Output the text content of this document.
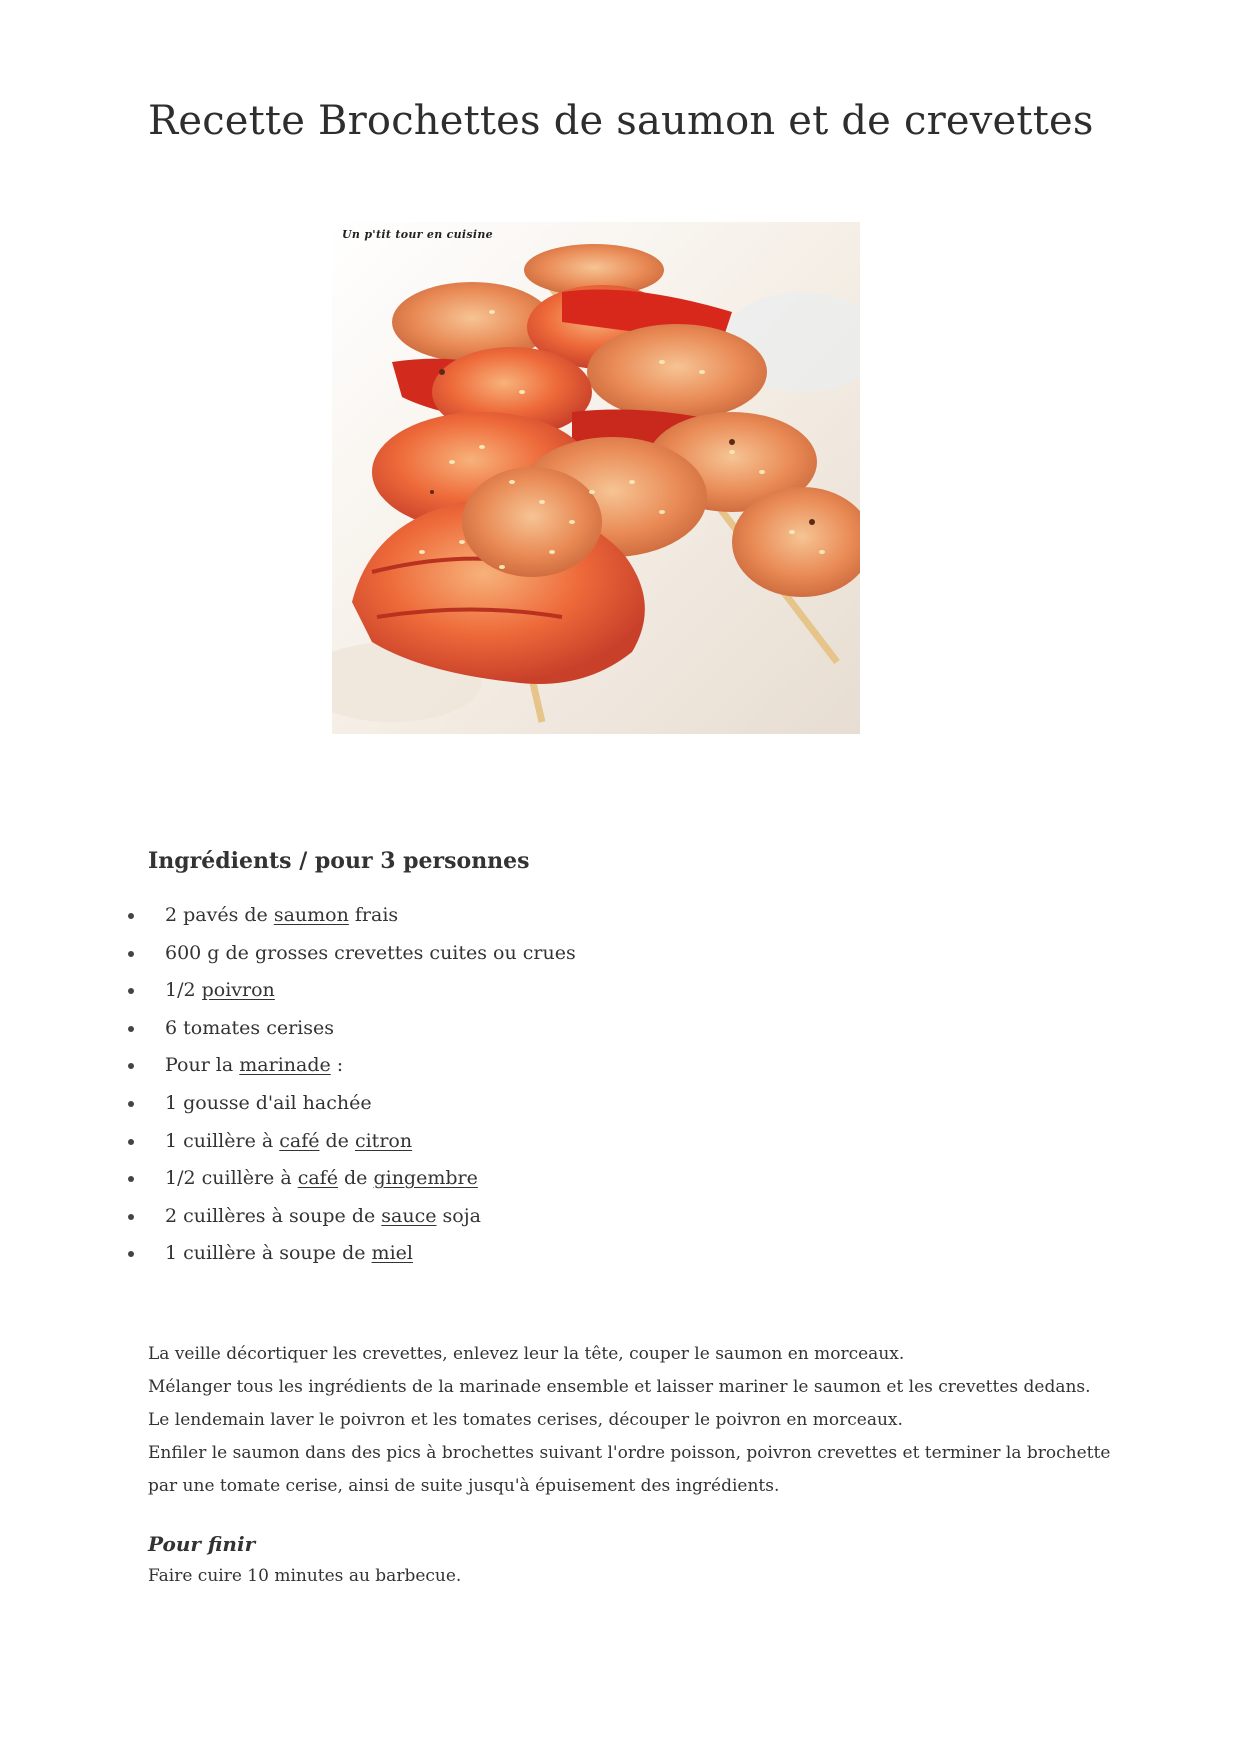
Recette Brochettes de saumon et de crevettes
Un p'tit tour en cuisine
Ingrédients / pour 3 personnes
2 pavés de saumon frais
600 g de grosses crevettes cuites ou crues
1/2 poivron
6 tomates cerises
Pour la marinade :
1 gousse d'ail hachée
1 cuillère à café de citron
1/2 cuillère à café de gingembre
2 cuillères à soupe de sauce soja
1 cuillère à soupe de miel

La veille décortiquer les crevettes, enlevez leur la tête, couper le saumon en morceaux.

Mélanger tous les ingrédients de la marinade ensemble et laisser mariner le saumon et les crevettes dedans.

Le lendemain laver le poivron et les tomates cerises, découper le poivron en morceaux.

Enfiler le saumon dans des pics à brochettes suivant l'ordre poisson, poivron crevettes et terminer la brochette

par une tomate cerise, ainsi de suite jusqu'à épuisement des ingrédients.

Pour finir

Faire cuire 10 minutes au barbecue.
